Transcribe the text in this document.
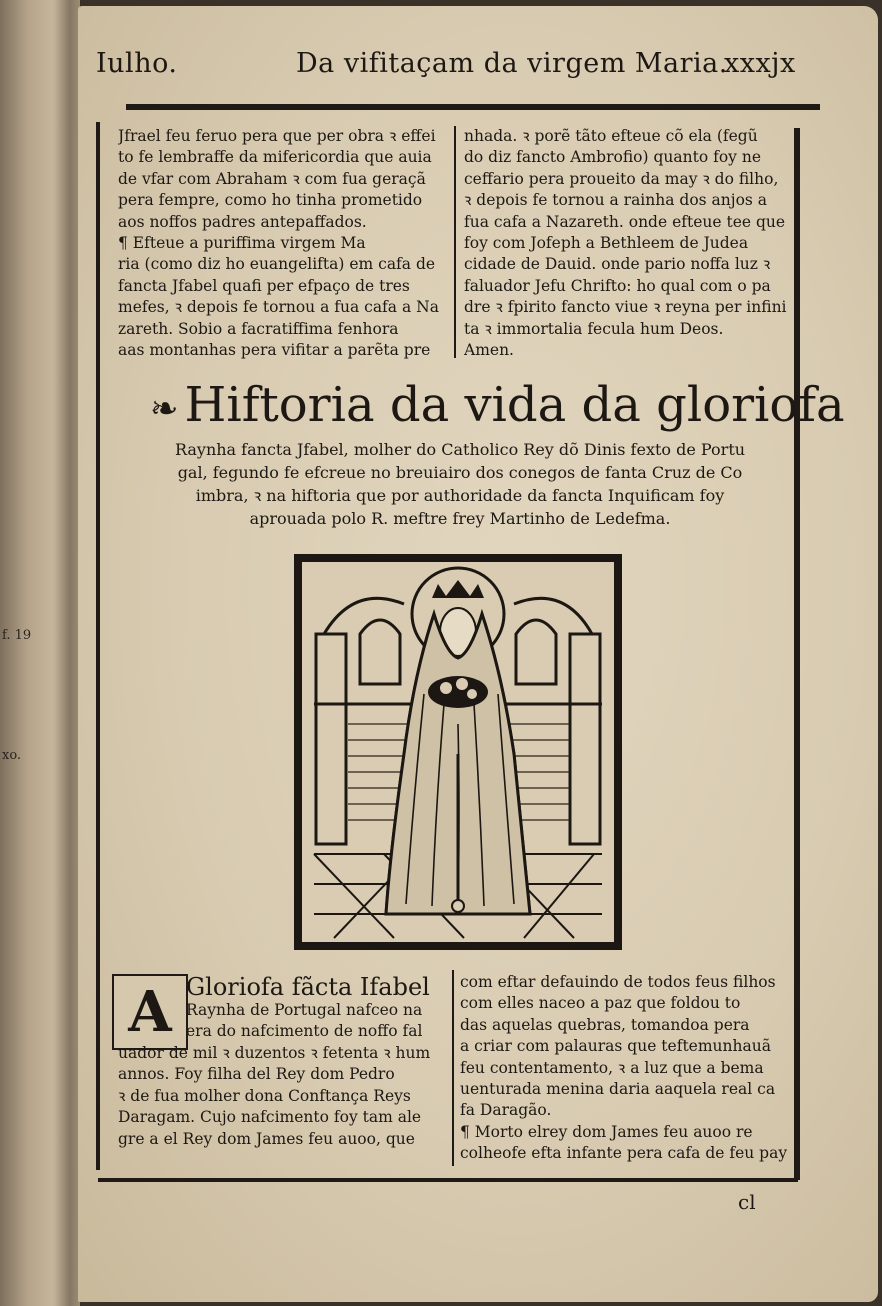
f. 19
xo.
Iulho.	Da vifitaçam da virgem Maria.
xxxjx
Jfrael feu feruo pera que per obra ꝛ effei
to fe lembraffe da mifericordia que auia
de vfar com Abraham ꝛ com fua geraçã
pera fempre, como ho tinha prometido
aos noffos padres antepaffados.
¶ Efteue a puriffima virgem Ma
ria (como diz ho euangelifta) em cafa de
fancta Jfabel quafi per efpaço de tres
mefes, ꝛ depois fe tornou a fua cafa a Na
zareth. Sobio a facratiffima fenhora
aas montanhas pera vifitar a parẽta pre
nhada. ꝛ porẽ tãto efteue cõ ela (fegũ
do diz fancto Ambrofio) quanto foy ne
ceffario pera proueito da may ꝛ do filho,
ꝛ depois fe tornou a rainha dos anjos a
fua cafa a Nazareth. onde efteue tee que
foy com Jofeph a Bethleem de Judea
cidade de Dauid. onde pario noffa luz ꝛ
faluador Jefu Chrifto: ho qual com o pa
dre ꝛ fpirito fancto viue ꝛ reyna per infini
ta ꝛ immortalia fecula hum Deos.
Amen.
❧ Hiftoria da vida da gloriofa
Raynha fancta Jfabel, molher do Catholico Rey dõ Dinis fexto de Portu
gal, fegundo fe efcreue no breuiairo dos conegos de fanta Cruz de Co
imbra, ꝛ na hiftoria que por authoridade da fancta Inquificam foy
aprouada polo R. meftre frey Martinho de Ledefma.
A Gloriofa fãcta Ifabel
Raynha de Portugal nafceo na
era do nafcimento de noffo fal
uador de mil ꝛ duzentos ꝛ fetenta ꝛ hum
annos. Foy filha del Rey dom Pedro
ꝛ de fua molher dona Conftança Reys
Daragam. Cujo nafcimento foy tam ale
gre a el Rey dom James feu auoo, que
com eftar defauindo de todos feus filhos
com elles naceo a paz que foldou to
das aquelas quebras, tomandoa pera
a criar com palauras que teftemunhauã
feu contentamento, ꝛ a luz que a bema
uenturada menina daria aaquela real ca
fa Daragão.
¶ Morto elrey dom James feu auoo re
colheofe efta infante pera cafa de feu pay
cl
